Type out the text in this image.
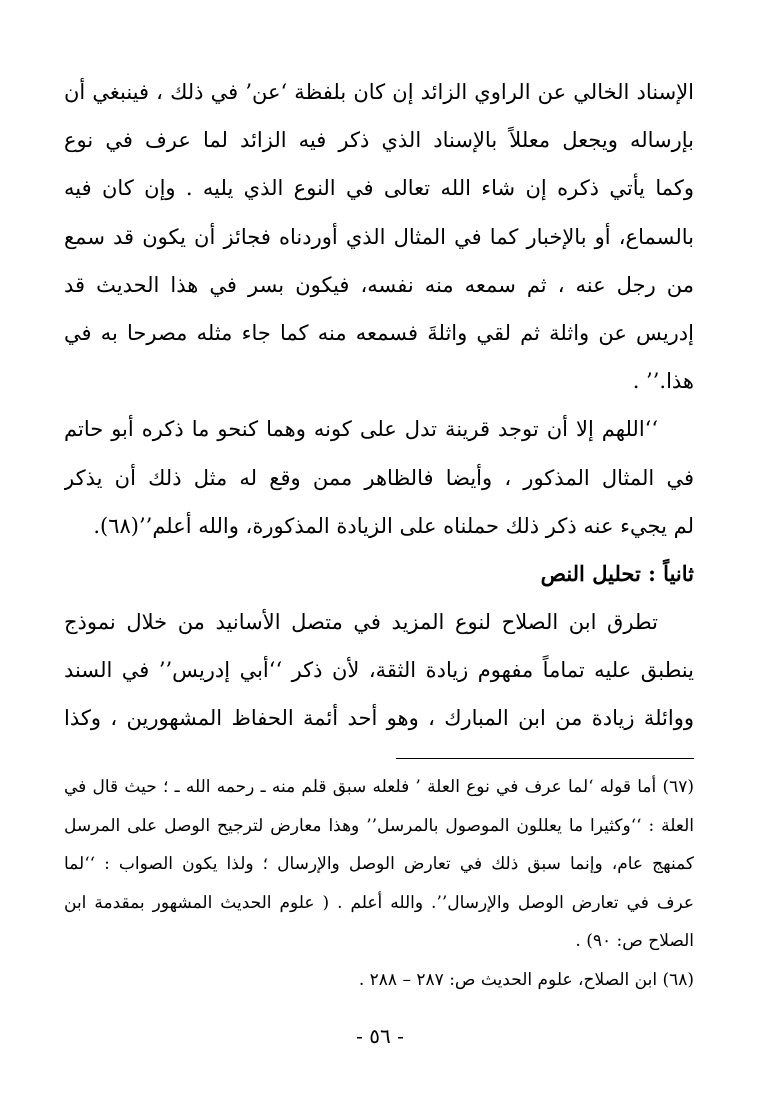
الإسناد الخالي عن الراوي الزائد إن كان بلفظة ‘عن’ في ذلك ، فينبغي أن
بإرساله ويجعل معللاً بالإسناد الذي ذكر فيه الزائد لما عرف في نوع
وكما يأتي ذكره إن شاء الله تعالى في النوع الذي يليه . وإن كان فيه
بالسماع، أو بالإخبار كما في المثال الذي أوردناه فجائز أن يكون قد سمع
من رجل عنه ، ثم سمعه منه نفسه، فيكون بسر في هذا الحديث قد
إدريس عن واثلة ثم لقي واثلةَ فسمعه منه كما جاء مثله مصرحا به في
هذا.’’ .
‘‘اللهم إلا أن توجد قرينة تدل على كونه وهما كنحو ما ذكره أبو حاتم
في المثال المذكور ، وأيضا فالظاهر ممن وقع له مثل ذلك أن يذكر
لم يجيء عنه ذكر ذلك حملناه على الزيادة المذكورة، والله أعلم’’(٦٨).
ثانياً : تحليل النص
تطرق ابن الصلاح لنوع المزيد في متصل الأسانيد من خلال نموذج
ينطبق عليه تماماً مفهوم زيادة الثقة، لأن ذكر ‘‘أبي إدريس’’ في السند
ووائلة زيادة من ابن المبارك ، وهو أحد أئمة الحفاظ المشهورين ، وكذا
(٦٧) أما قوله ‘لما عرف في نوع العلة ’ فلعله سبق قلم منه ـ رحمه الله ـ ؛ حيث قال في
العلة : ‘‘وكثيرا ما يعللون الموصول بالمرسل’’ وهذا معارض لترجيح الوصل على المرسل
كمنهج عام، وإنما سبق ذلك في تعارض الوصل والإرسال ؛ ولذا يكون الصواب : ‘‘لما
عرف في تعارض الوصل والإرسال’’. والله أعلم . ( علوم الحديث المشهور بمقدمة ابن
الصلاح ص: ٩٠) .
(٦٨) ابن الصلاح، علوم الحديث ص: ٢٨٧ – ٢٨٨ .
- ٥٦ -
